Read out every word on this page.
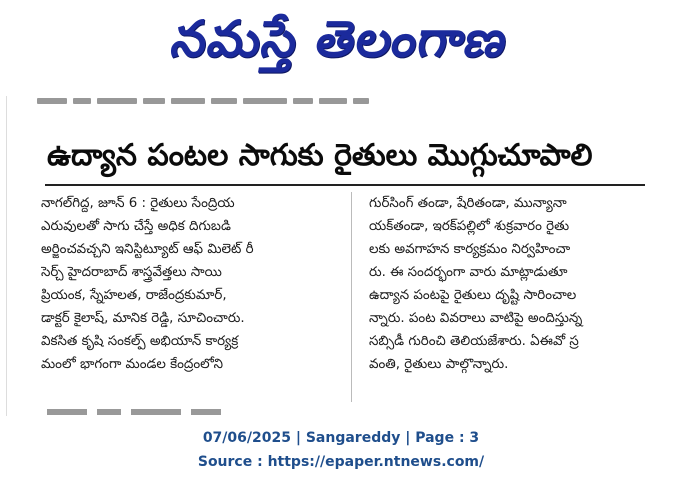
నమస్తే తెలంగాణ
ఉద్యాన పంటల సాగుకు రైతులు మొగ్గుచూపాలి
నాగల్‌గిద్ద, జూన్ 6 : రైతులు సేంద్రియ
ఎరువులతో సాగు చేస్తే అధిక దిగుబడి
అర్జించవచ్చని ఇనిస్టిట్యూట్ ఆఫ్ మిలెట్ రీ
సెర్చ్ హైదరాబాద్ శాస్త్రవేత్తలు సాయి
ప్రియంక, స్నేహలత, రాజేంద్రకుమార్,
డాక్టర్ కైలాష్, మానిక రెడ్డి, సూచించారు.
వికసిత కృషి సంకల్ప్ అభియాన్ కార్యక్ర
మంలో భాగంగా మండల కేంద్రంలోని
గుర్‌సింగ్ తండా, షేరితండా, మున్యానా
యక్‌తండా, ఇరక్‌పల్లిలో శుక్రవారం రైతు
లకు అవగాహన కార్యక్రమం నిర్వహించా
రు. ఈ సందర్భంగా వారు మాట్లాడుతూ
ఉద్యాన పంటపై రైతులు దృష్టి సారించాల
న్నారు. పంట వివరాలు వాటిపై అందిస్తున్న
సబ్సిడీ గురించి తెలియజేశారు. ఏఈవో స్ర
వంతి, రైతులు పాల్గొన్నారు.
07/06/2025 | Sangareddy | Page : 3
Source : https://epaper.ntnews.com/
